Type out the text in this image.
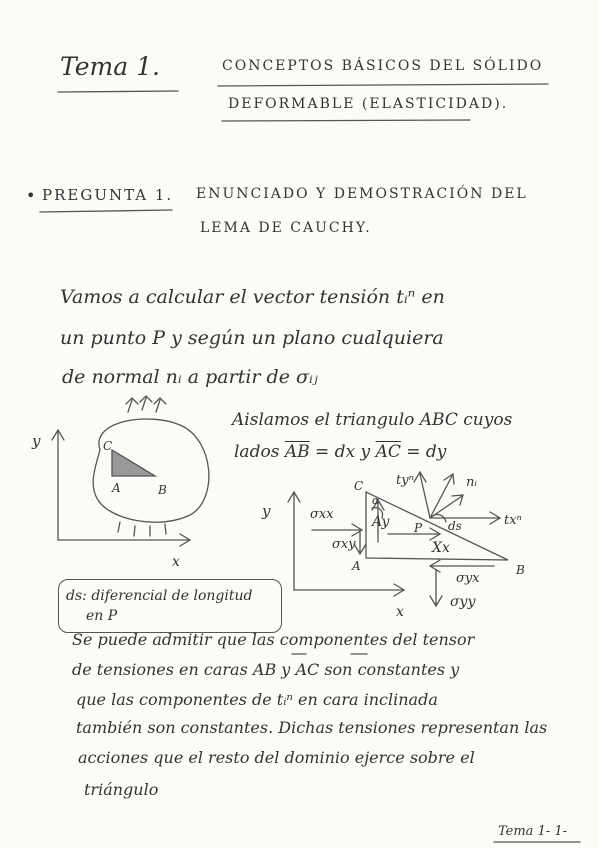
Tema 1.	CONCEPTOS BÁSICOS DEL SÓLIDO
DEFORMABLE (ELASTICIDAD).
• PREGUNTA 1. ENUNCIADO Y DEMOSTRACIÓN DEL
LEMA DE CAUCHY.
Vamos a calcular el vector tensión tᵢⁿ en
un punto P y según un plano cualquiera
de normal nᵢ a partir de σᵢⱼ
Aislamos el triangulo ABC cuyos
lados $\overline{AB}$ = dx y $\overline{AC}$ = dy
y
x
C
A	B
y
x
C
A	B
σxx
σxy
σyx
σyy
tyⁿ
txⁿ
nᵢ
Ay
Xx
P
α
ds
ds: diferencial de longitud
en P
Se puede admitir que las componentes del tensor
de tensiones en caras AB y AC son constantes y
que las componentes de tᵢⁿ en cara inclinada
también son constantes. Dichas tensiones representan las
acciones que el resto del dominio ejerce sobre el
triángulo
Tema 1- 1-
